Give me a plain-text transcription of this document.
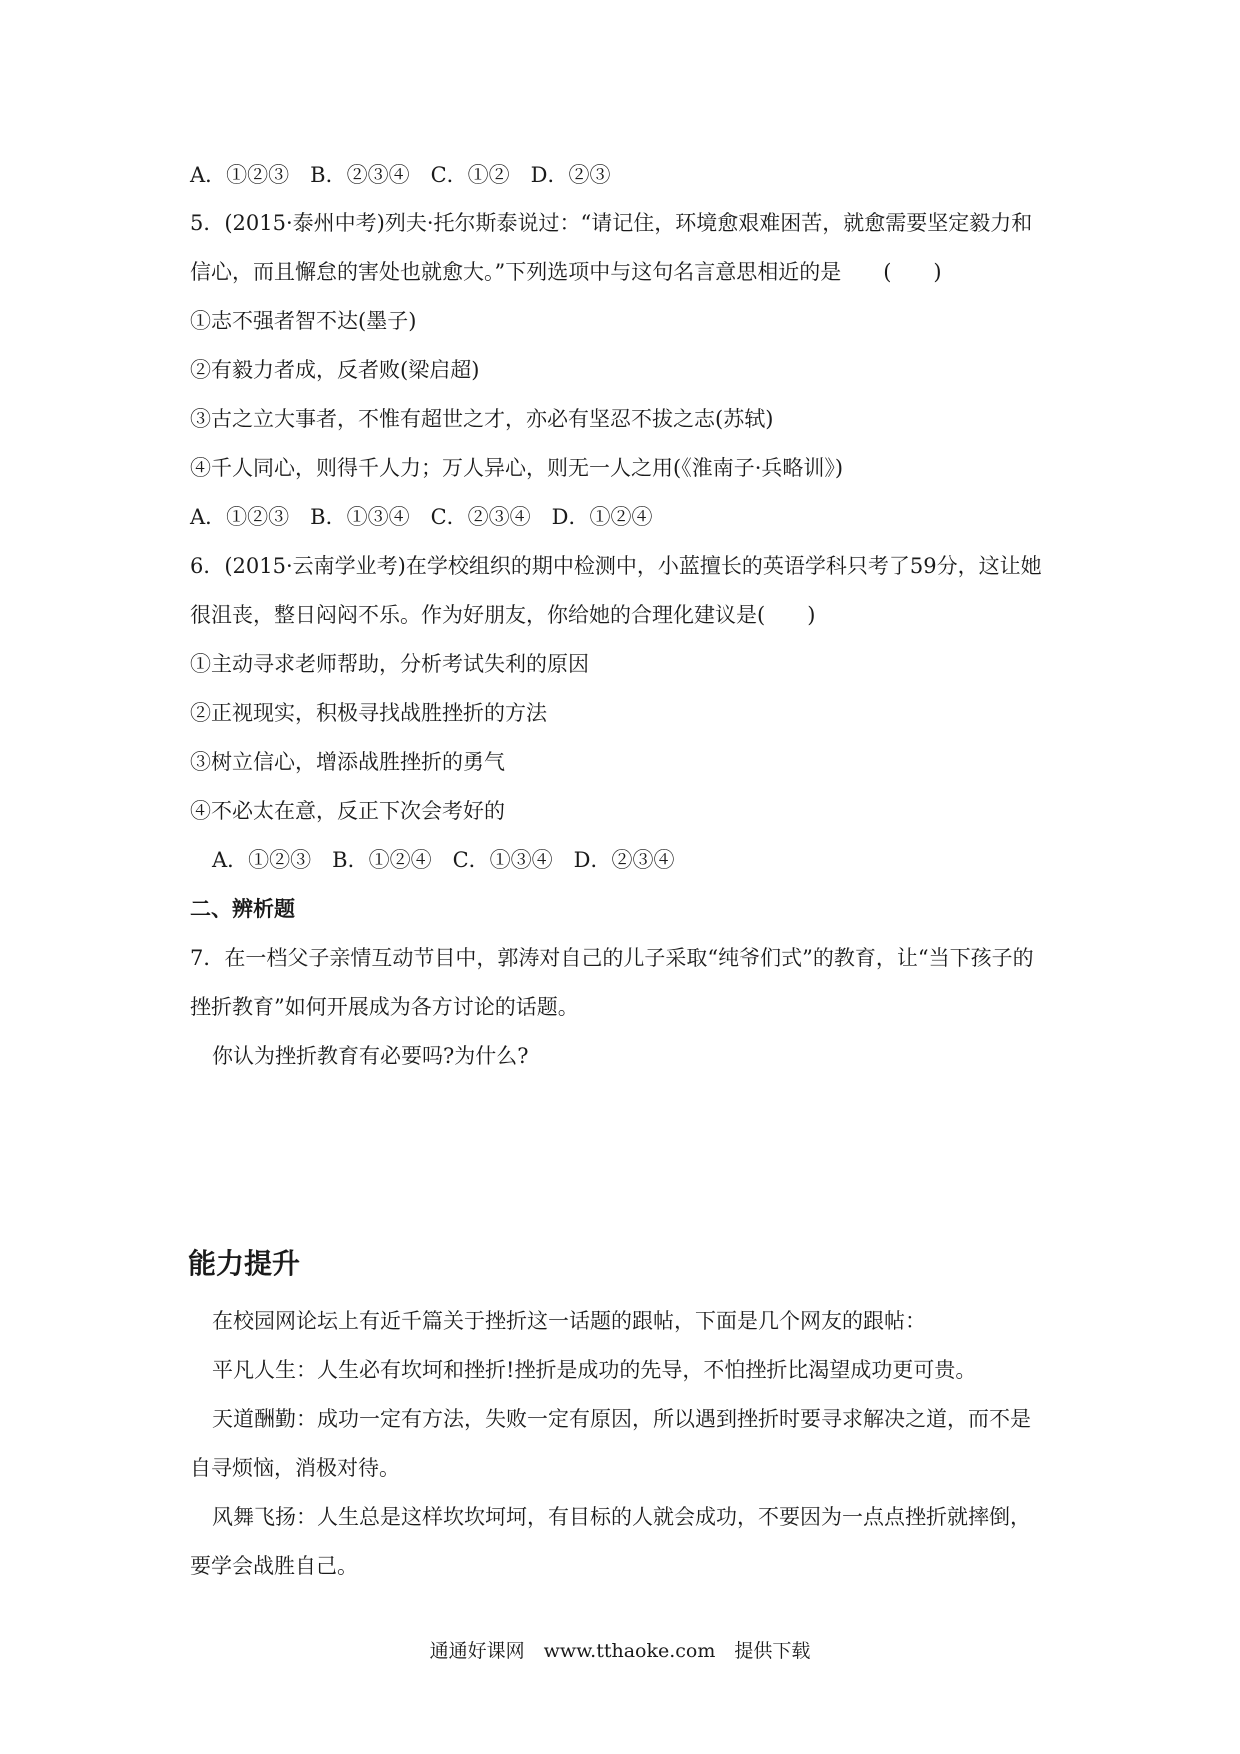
A．①②③　B．②③④　C．①②　D．②③
5．(2015·泰州中考)列夫·托尔斯泰说过：“请记住，环境愈艰难困苦，就愈需要坚定毅力和
信心，而且懈怠的害处也就愈大。”下列选项中与这句名言意思相近的是　　(　　)
①志不强者智不达(墨子)
②有毅力者成，反者败(梁启超)
③古之立大事者，不惟有超世之才，亦必有坚忍不拔之志(苏轼)
④千人同心，则得千人力；万人异心，则无一人之用(《淮南子·兵略训》)
A．①②③　B．①③④　C．②③④　D．①②④
6．(2015·云南学业考)在学校组织的期中检测中，小蓝擅长的英语学科只考了59分，这让她
很沮丧，整日闷闷不乐。作为好朋友，你给她的合理化建议是(　　)
①主动寻求老师帮助，分析考试失利的原因
②正视现实，积极寻找战胜挫折的方法
③树立信心，增添战胜挫折的勇气
④不必太在意，反正下次会考好的
A．①②③　B．①②④　C．①③④　D．②③④
二、辨析题
7．在一档父子亲情互动节目中，郭涛对自己的儿子采取“纯爷们式”的教育，让“当下孩子的
挫折教育”如何开展成为各方讨论的话题。
你认为挫折教育有必要吗?为什么?
能力提升
在校园网论坛上有近千篇关于挫折这一话题的跟帖，下面是几个网友的跟帖：
平凡人生：人生必有坎坷和挫折!挫折是成功的先导，不怕挫折比渴望成功更可贵。
天道酬勤：成功一定有方法，失败一定有原因，所以遇到挫折时要寻求解决之道，而不是
自寻烦恼，消极对待。
风舞飞扬：人生总是这样坎坎坷坷，有目标的人就会成功，不要因为一点点挫折就摔倒，
要学会战胜自己。
通通好课网　www.tthaoke.com　提供下载
